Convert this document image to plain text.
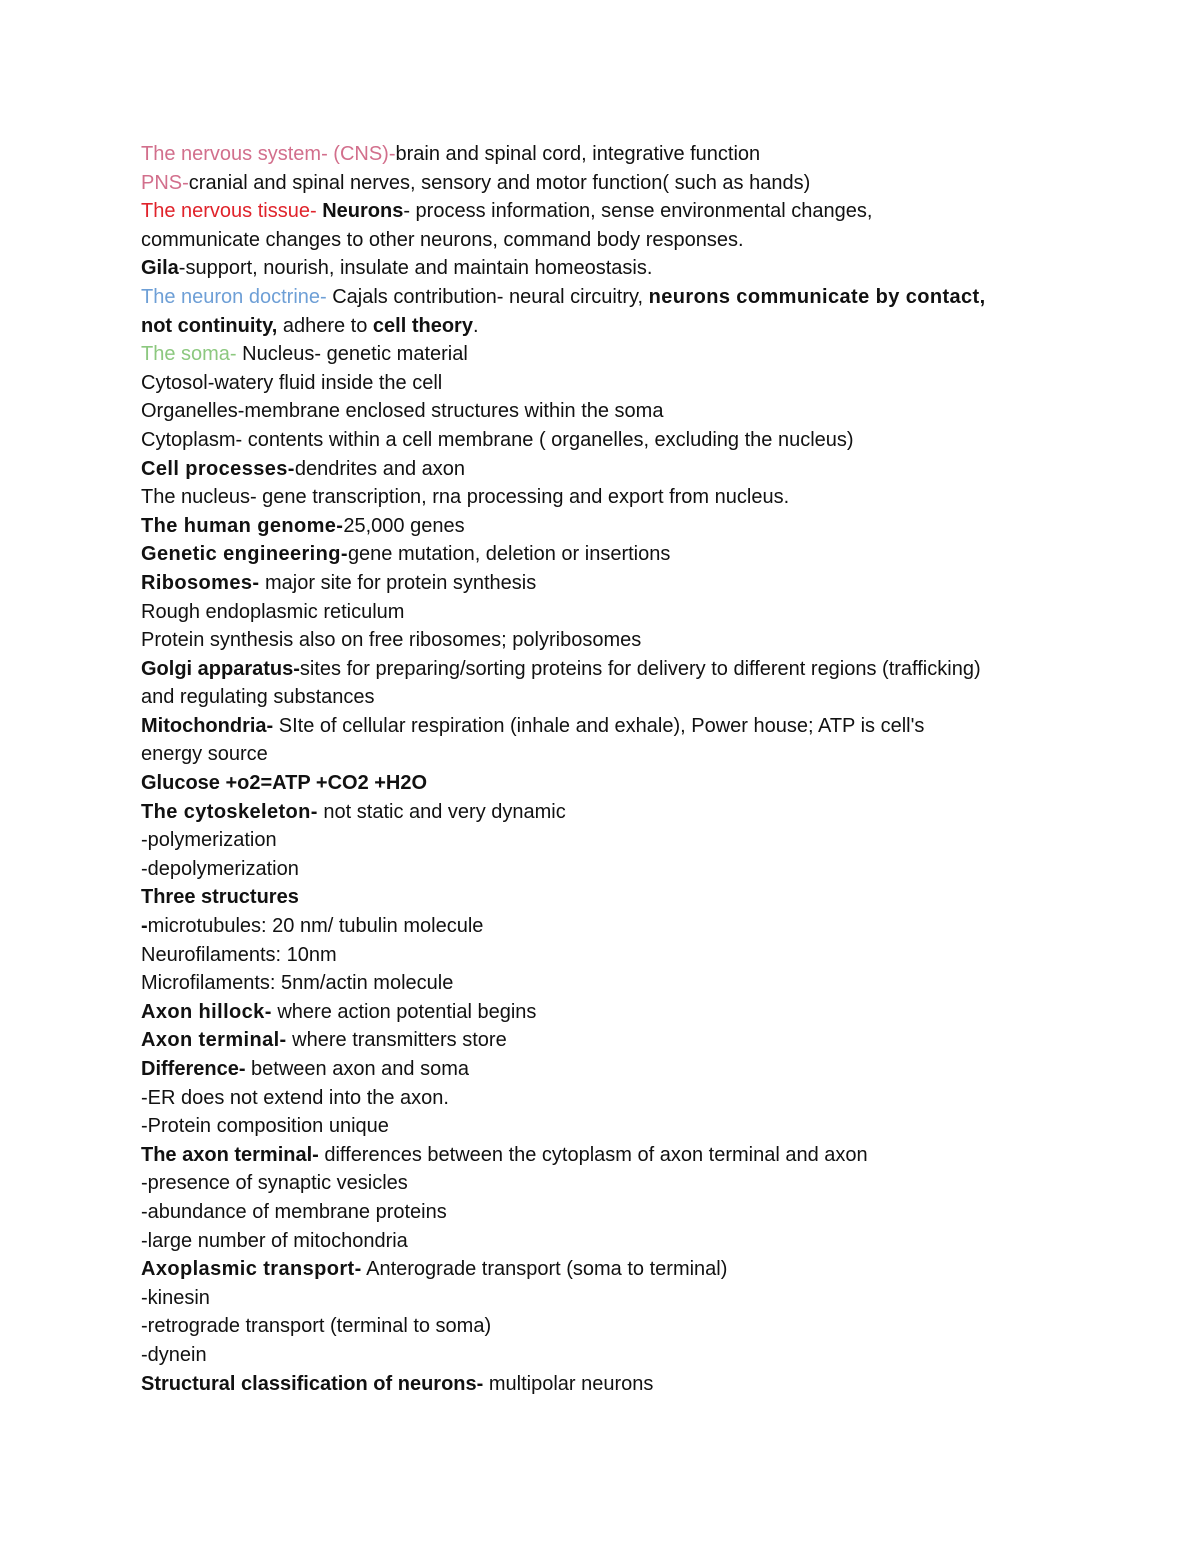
The nervous system- (CNS)-brain and spinal cord, integrative function
PNS-cranial and spinal nerves, sensory and motor function( such as hands)
The nervous tissue- Neurons- process information, sense environmental changes,
communicate changes to other neurons, command body responses.
Gila-support, nourish, insulate and maintain homeostasis.
The neuron doctrine- Cajals contribution- neural circuitry, neurons communicate by contact,
not continuity, adhere to cell theory.
The soma- Nucleus- genetic material
Cytosol-watery fluid inside the cell
Organelles-membrane enclosed structures within the soma
Cytoplasm- contents within a cell membrane ( organelles, excluding the nucleus)
Cell processes-dendrites and axon
The nucleus- gene transcription, rna processing and export from nucleus.
The human genome-25,000 genes
Genetic engineering-gene mutation, deletion or insertions
Ribosomes- major site for protein synthesis
Rough endoplasmic reticulum
Protein synthesis also on free ribosomes; polyribosomes
Golgi apparatus-sites for preparing/sorting proteins for delivery to different regions (trafficking)
and regulating substances
Mitochondria- SIte of cellular respiration (inhale and exhale), Power house; ATP is cell's
energy source
Glucose +o2=ATP +CO2 +H2O
The cytoskeleton- not static and very dynamic
-polymerization
-depolymerization
Three structures
-microtubules: 20 nm/ tubulin molecule
Neurofilaments: 10nm
Microfilaments: 5nm/actin molecule
Axon hillock- where action potential begins
Axon terminal- where transmitters store
Difference- between axon and soma
-ER does not extend into the axon.
-Protein composition unique
The axon terminal- differences between the cytoplasm of axon terminal and axon
-presence of synaptic vesicles
-abundance of membrane proteins
-large number of mitochondria
Axoplasmic transport- Anterograde transport (soma to terminal)
-kinesin
-retrograde transport (terminal to soma)
-dynein
Structural classification of neurons- multipolar neurons
